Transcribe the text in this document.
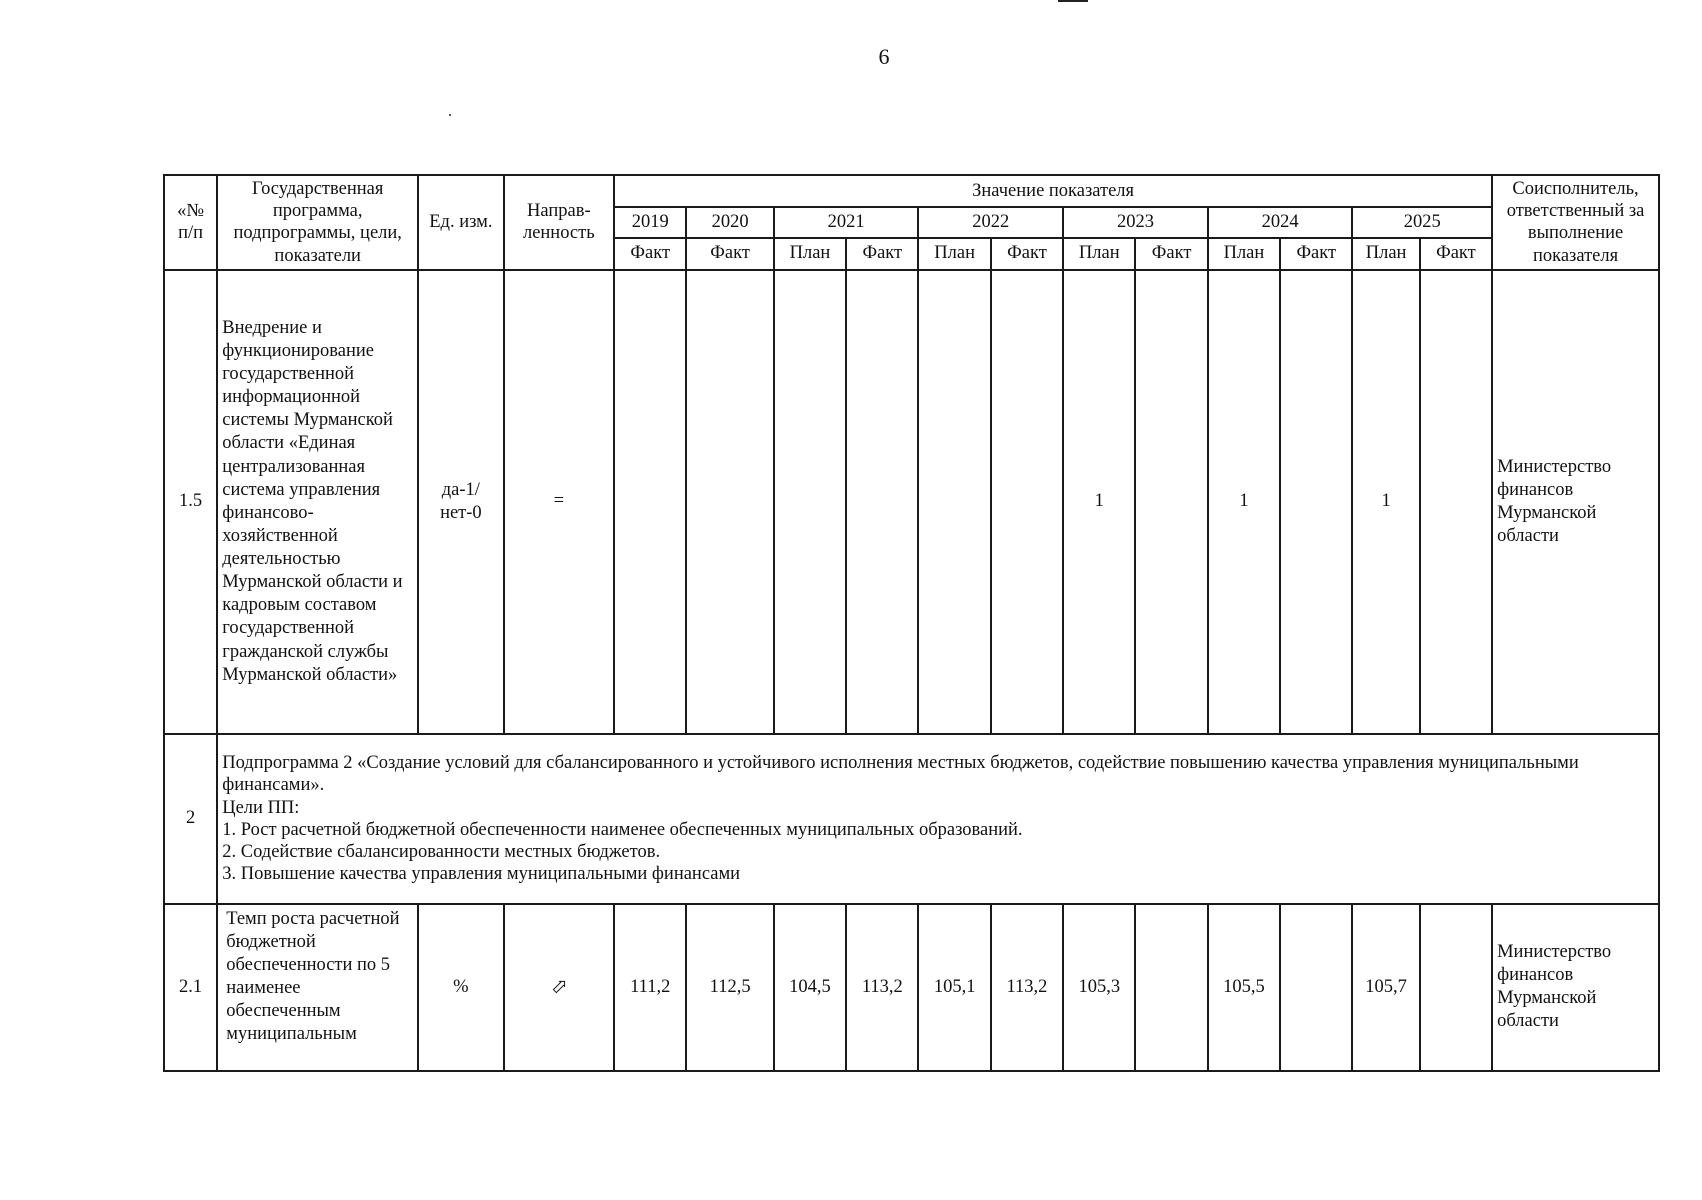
6
«№ п/п	Государственная программа, подпрограммы, цели, показатели	Ед. изм.	Направ-ленность	Значение показателя												Соисполнитель, ответственный за выполнение показателя
				2019	2020	2021		2022		2023		2024		2025		
				Факт	Факт	План	Факт	План	Факт	План	Факт	План	Факт	План	Факт	
1.5	Внедрение и функционирование государственной информационной системы Мурманской области «Единая централизованная система управления финансово-хозяйственной деятельностью Мурманской области и кадровым составом государственной гражданской службы Мурманской области»	да-1/нет-0	=							1		1		1		Министерство финансов Мурманской области
2	Подпрограмма 2 «Создание условий для сбалансированного и устойчивого исполнения местных бюджетов, содействие повышению качества управления муниципальными финансами».
Цели ПП:
1. Рост расчетной бюджетной обеспеченности наименее обеспеченных муниципальных образований.
2. Содействие сбалансированности местных бюджетов.
3. Повышение качества управления муниципальными финансами															

2.1	Темп роста расчетной бюджетной обеспеченности по 5 наименее обеспеченным муниципальным	%	⇧	111,2	112,5	104,5	113,2	105,1	113,2	105,3		105,5		105,7		Министерство финансов Мурманской области
